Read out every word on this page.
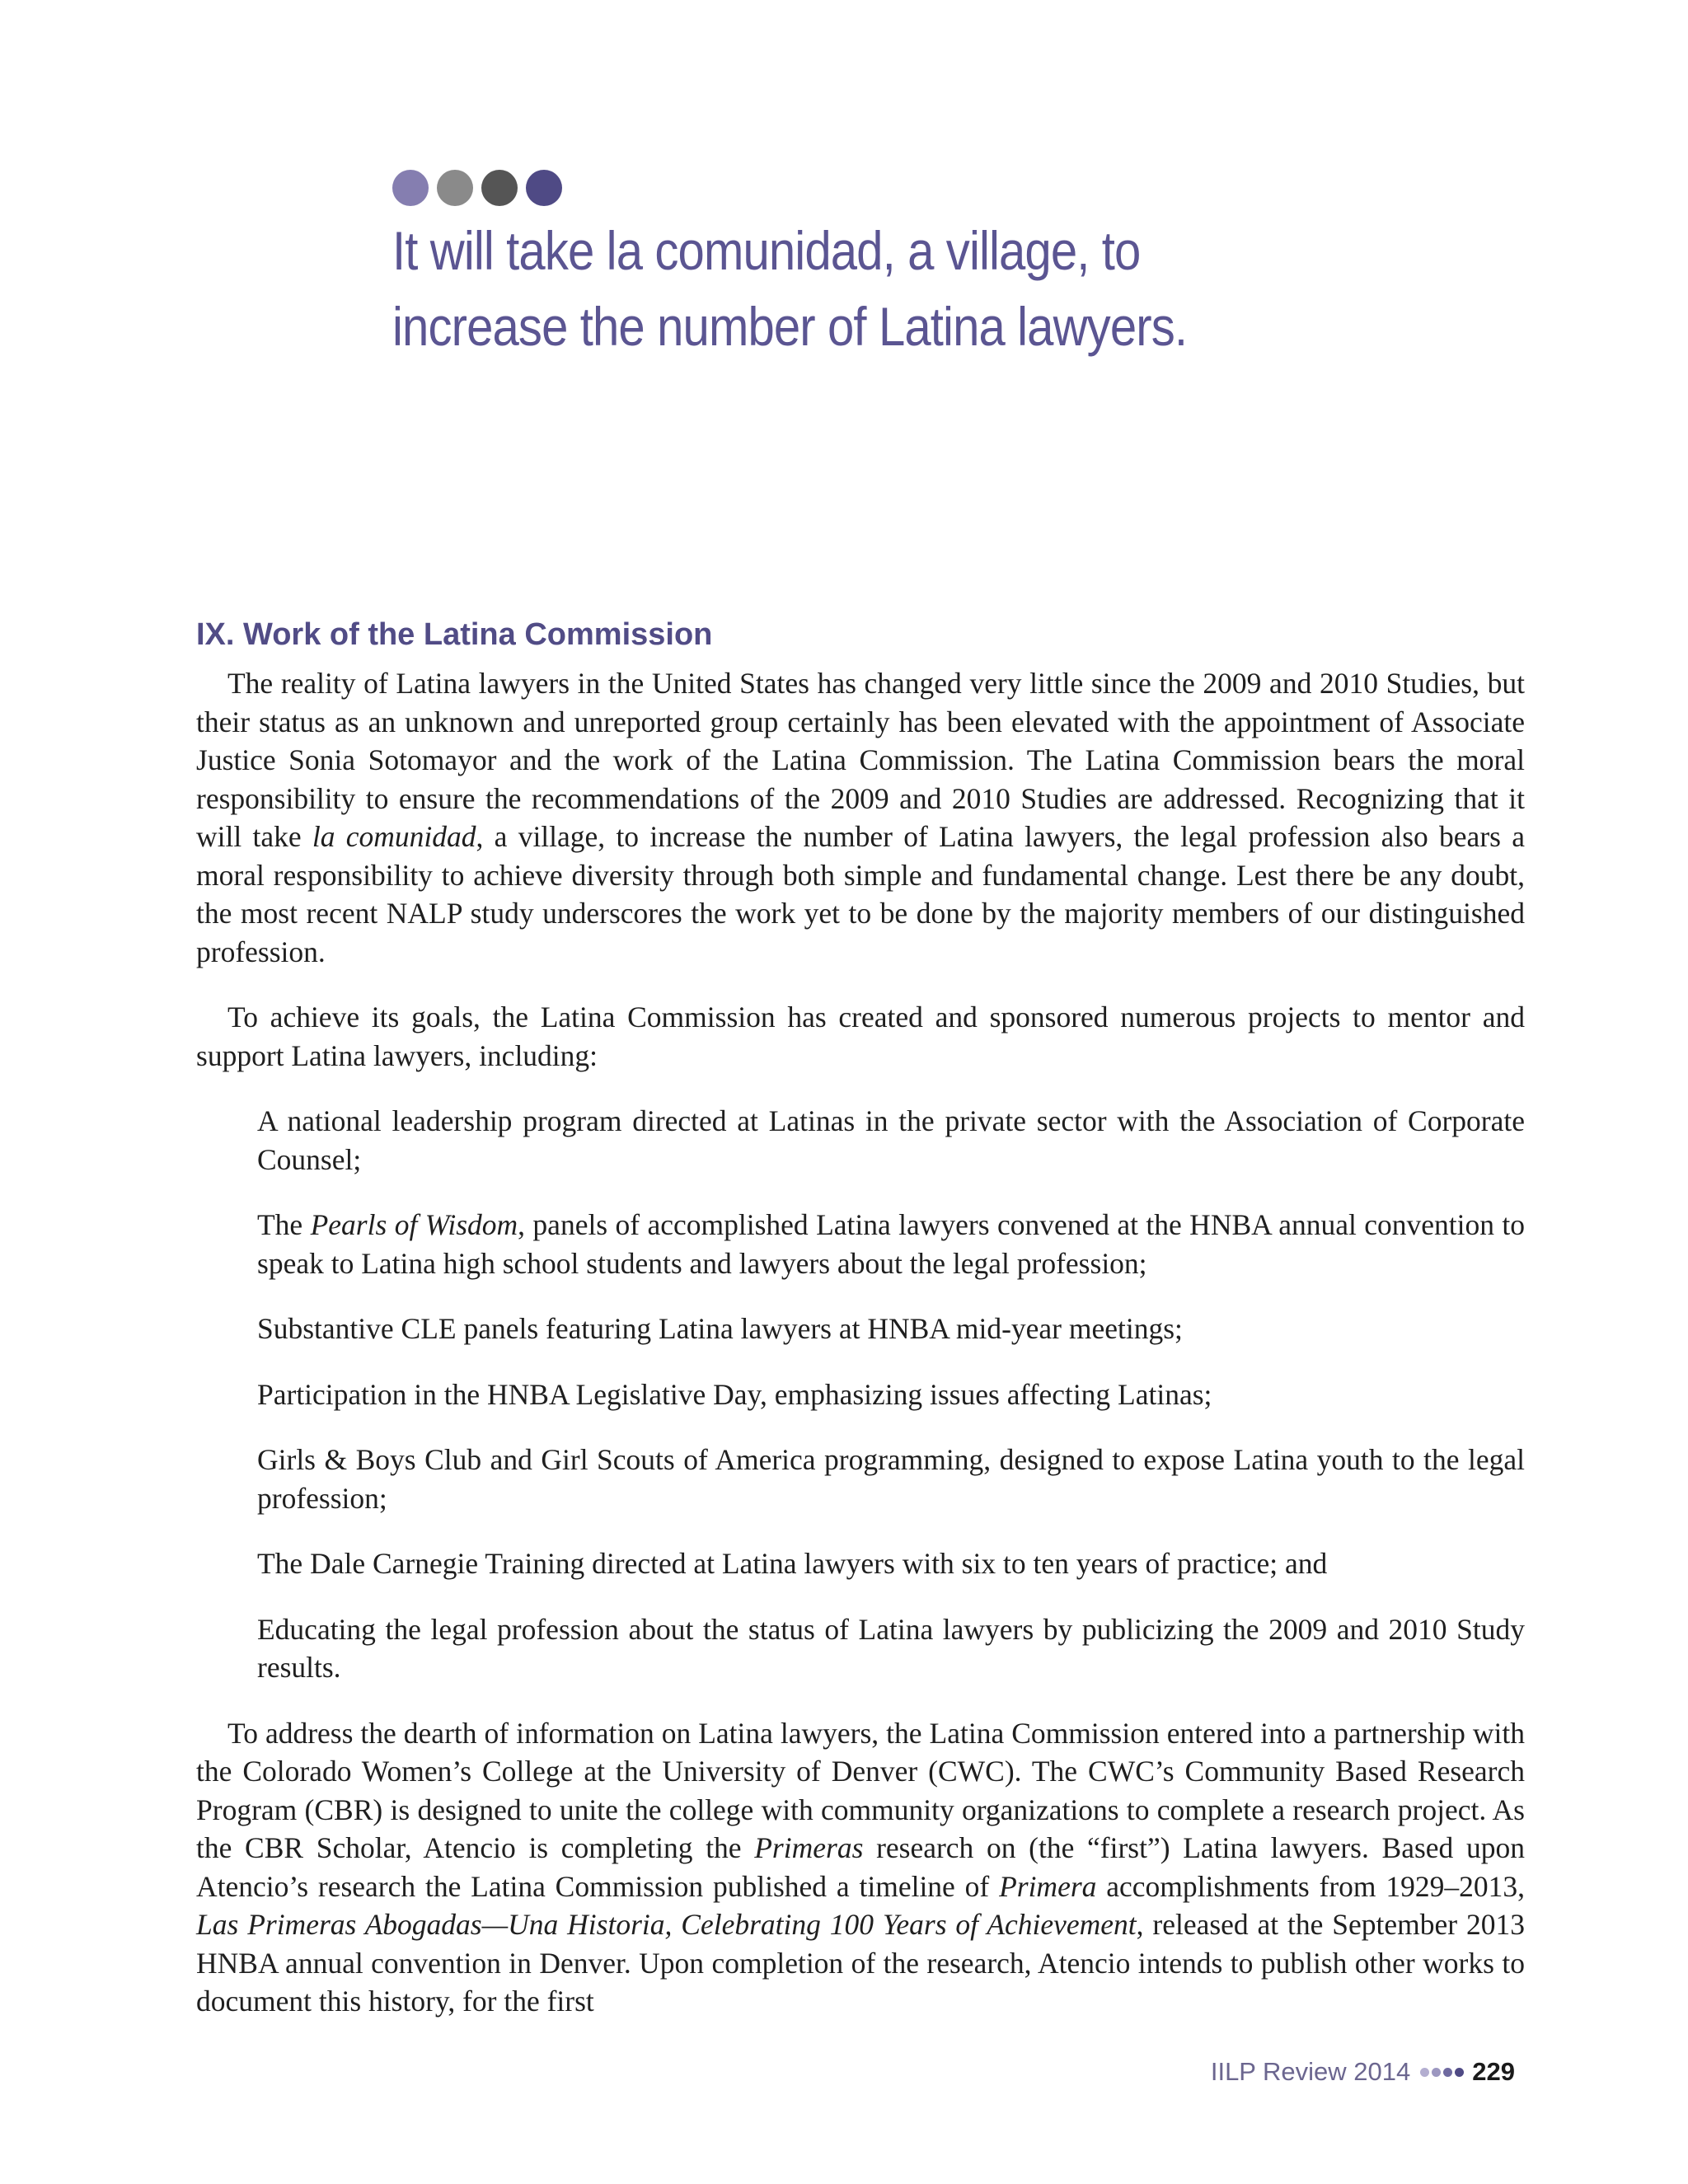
It will take la comunidad, a village, to
increase the number of Latina lawyers.
IX. Work of the Latina Commission

The reality of Latina lawyers in the United States has changed very little since the 2009 and 2010 Studies, but their status as an unknown and unreported group certainly has been elevated with the appointment of Associate Justice Sonia Sotomayor and the work of the Latina Commission. The Latina Commission bears the moral responsibility to ensure the recommendations of the 2009 and 2010 Studies are addressed. Recognizing that it will take la comunidad, a village, to increase the number of Latina lawyers, the legal profession also bears a moral responsibility to achieve diversity through both simple and fundamental change. Lest there be any doubt, the most recent NALP study underscores the work yet to be done by the majority members of our distinguished profession.

To achieve its goals, the Latina Commission has created and sponsored numerous projects to mentor and support Latina lawyers, including:

A national leadership program directed at Latinas in the private sector with the Association of Corporate Counsel;
The Pearls of Wisdom, panels of accomplished Latina lawyers convened at the HNBA annual convention to speak to Latina high school students and lawyers about the legal profession;
Substantive CLE panels featuring Latina lawyers at HNBA mid-year meetings;
Participation in the HNBA Legislative Day, emphasizing issues affecting Latinas;
Girls & Boys Club and Girl Scouts of America programming, designed to expose Latina youth to the legal profession;
The Dale Carnegie Training directed at Latina lawyers with six to ten years of practice; and
Educating the legal profession about the status of Latina lawyers by publicizing the 2009 and 2010 Study results.

To address the dearth of information on Latina lawyers, the Latina Commission entered into a partnership with the Colorado Women’s College at the University of Denver (CWC). The CWC’s Community Based Research Program (CBR) is designed to unite the college with community organizations to complete a research project. As the CBR Scholar, Atencio is completing the Primeras research on (the “first”) Latina lawyers. Based upon Atencio’s research the Latina Commission published a timeline of Primera accomplishments from 1929–2013, Las Primeras Abogadas—Una Historia, Celebrating 100 Years of Achievement, released at the September 2013 HNBA annual convention in Denver. Upon completion of the research, Atencio intends to publish other works to document this history, for the first

IILP Review 2014 229
